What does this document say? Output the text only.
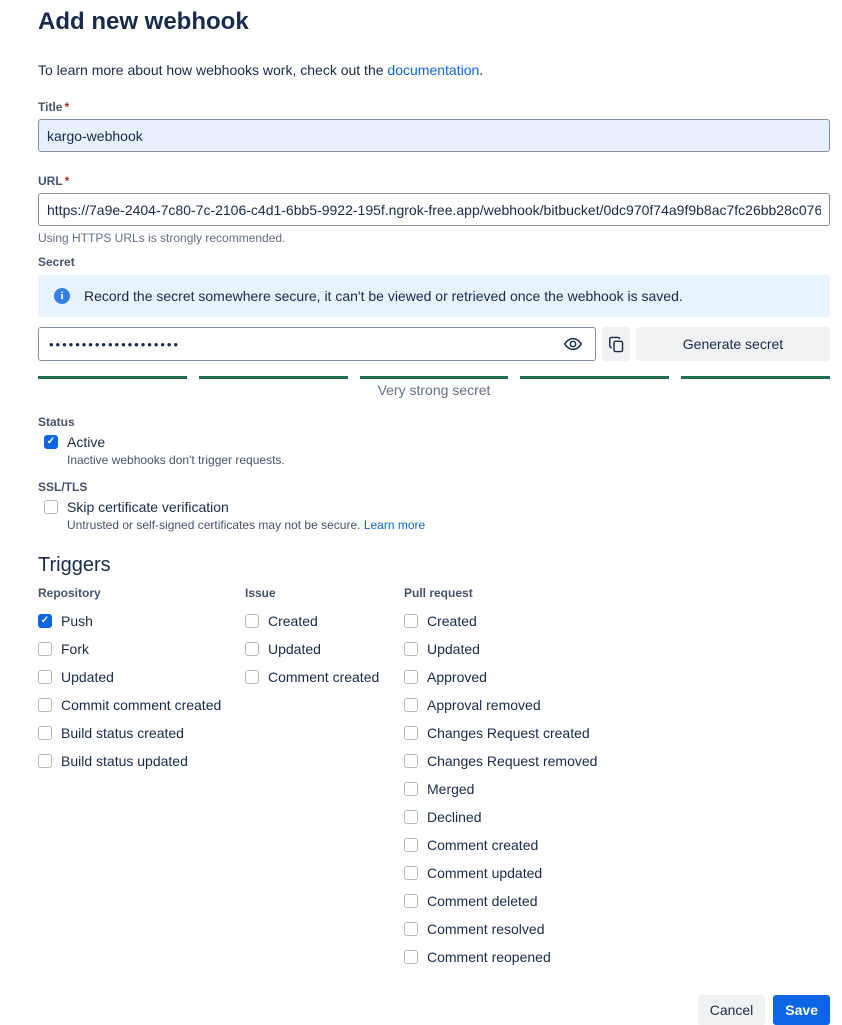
Add new webhook
To learn more about how webhooks work, check out the documentation.
Title *
kargo-webhook
URL *
https://7a9e-2404-7c80-7c-2106-c4d1-6bb5-9922-195f.ngrok-free.app/webhook/bitbucket/0dc970f74a9f9b8ac7fc26bb28c076c0c9
Using HTTPS URLs is strongly recommended.
Secret
i	Record the secret somewhere secure, it can't be viewed or retrieved once the webhook is saved.
••••••••••••••••••••	Generate secret
Very strong secret
Status
✓
Active
Inactive webhooks don't trigger requests.
SSL/TLS
Skip certificate verification
Untrusted or self-signed certificates may not be secure. Learn more
Triggers
Repository
✓
Push
Fork
Updated
Commit comment created
Build status created
Build status updated
Issue
Created
Updated
Comment created
Pull request
Created
Updated
Approved
Approval removed
Changes Request created
Changes Request removed
Merged
Declined
Comment created
Comment updated
Comment deleted
Comment resolved
Comment reopened
Cancel	Save
